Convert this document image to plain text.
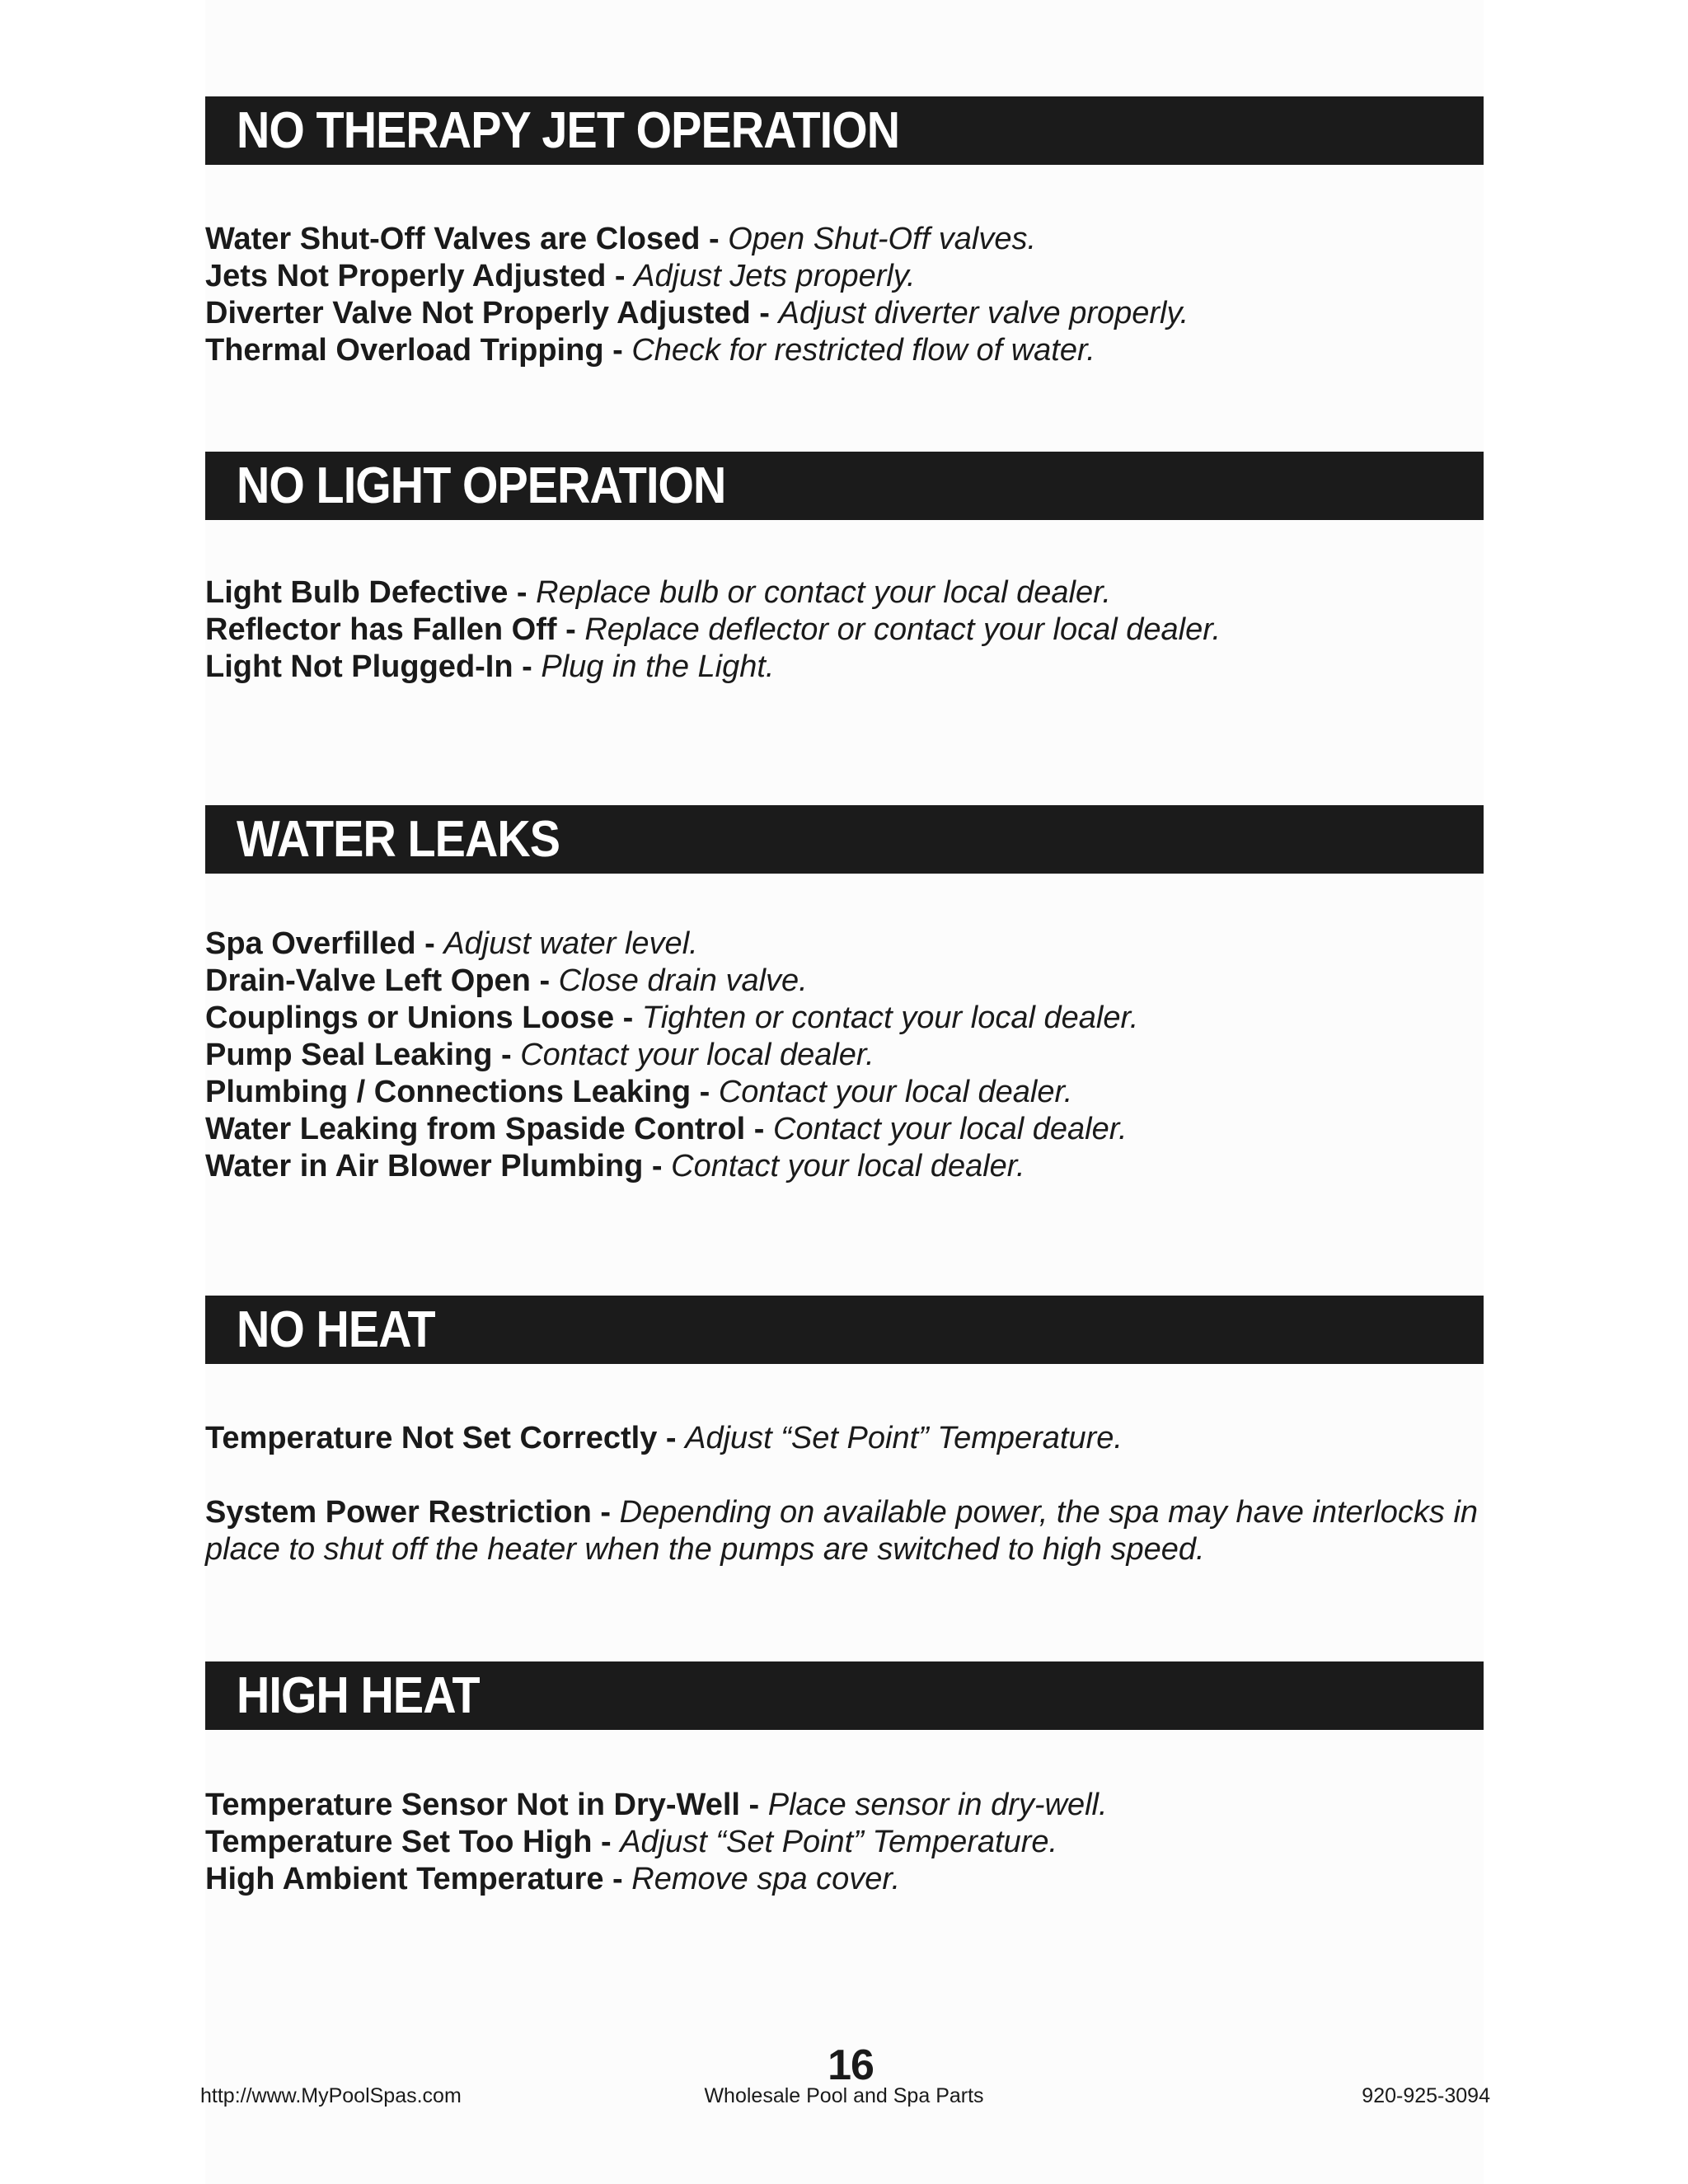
NO THERAPY JET OPERATION
Water Shut-Off Valves are Closed - Open Shut-Off valves.
Jets Not Properly Adjusted - Adjust Jets properly.
Diverter Valve Not Properly Adjusted - Adjust diverter valve properly.
Thermal Overload Tripping - Check for restricted flow of water.
NO LIGHT OPERATION
Light Bulb Defective - Replace bulb or contact your local dealer.
Reflector has Fallen Off - Replace deflector or contact your local dealer.
Light Not Plugged-In - Plug in the Light.
WATER LEAKS
Spa Overfilled - Adjust water level.
Drain-Valve Left Open - Close drain valve.
Couplings or Unions Loose - Tighten or contact your local dealer.
Pump Seal Leaking - Contact your local dealer.
Plumbing / Connections Leaking - Contact your local dealer.
Water Leaking from Spaside Control - Contact your local dealer.
Water in Air Blower Plumbing - Contact your local dealer.
NO HEAT
Temperature Not Set Correctly - Adjust “Set Point” Temperature.
System Power Restriction - Depending on available power, the spa may have interlocks in place to shut off the heater when the pumps are switched to high speed.
HIGH HEAT
Temperature Sensor Not in Dry-Well - Place sensor in dry-well.
Temperature Set Too High - Adjust “Set Point” Temperature.
High Ambient Temperature - Remove spa cover.
16
http://www.MyPoolSpas.com	Wholesale Pool and Spa Parts	920-925-3094
